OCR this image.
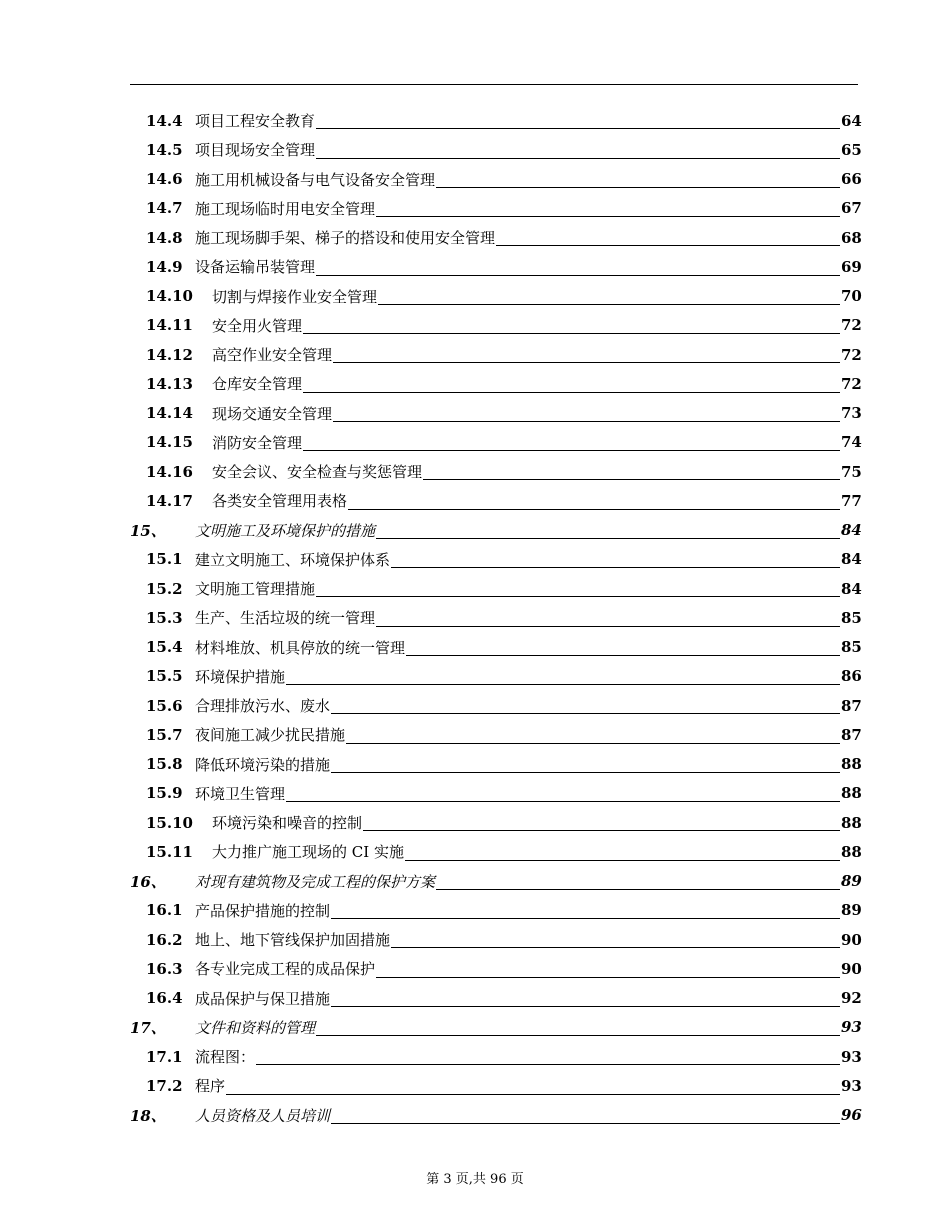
14.4 项目工程安全教育	64
14.5 项目现场安全管理	65
14.6 施工用机械设备与电气设备安全管理	66
14.7 施工现场临时用电安全管理	67
14.8 施工现场脚手架、梯子的搭设和使用安全管理	68
14.9 设备运输吊装管理	69
14.10	切割与焊接作业安全管理	70
14.11	安全用火管理	72
14.12	高空作业安全管理	72
14.13	仓库安全管理	72
14.14	现场交通安全管理	73
14.15	消防安全管理	74
14.16	安全会议、安全检查与奖惩管理	75
14.17	各类安全管理用表格	77
15、	文明施工及环境保护的措施	84
15.1 建立文明施工、环境保护体系	84
15.2 文明施工管理措施	84
15.3 生产、生活垃圾的统一管理	85
15.4 材料堆放、机具停放的统一管理	85
15.5 环境保护措施	86
15.6 合理排放污水、废水	87
15.7 夜间施工减少扰民措施	87
15.8 降低环境污染的措施	88
15.9 环境卫生管理	88
15.10	环境污染和噪音的控制	88
15.11	大力推广施工现场的 CI 实施	88
16、	对现有建筑物及完成工程的保护方案	89
16.1 产品保护措施的控制	89
16.2 地上、地下管线保护加固措施	90
16.3 各专业完成工程的成品保护	90
16.4 成品保护与保卫措施	92
17、	文件和资料的管理	93
17.1 流程图：	93
17.2 程序	93
18、	人员资格及人员培训	96
第 3 页,共 96 页
